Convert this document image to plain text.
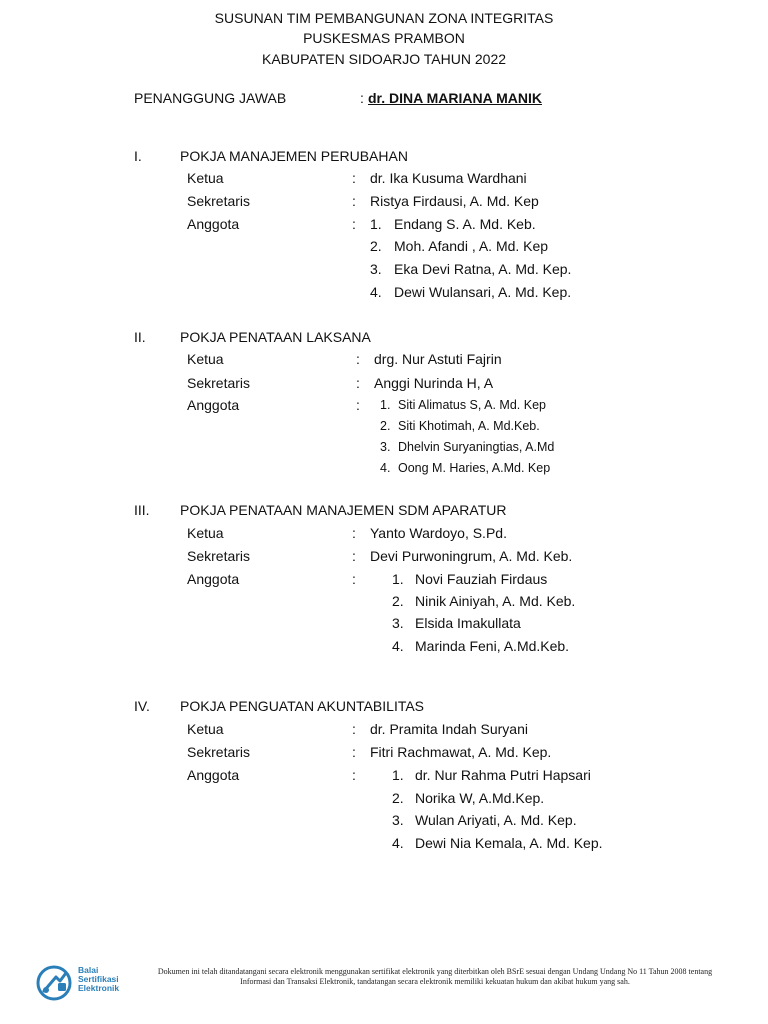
SUSUNAN TIM PEMBANGUNAN ZONA INTEGRITAS
PUSKESMAS PRAMBON
KABUPATEN SIDOARJO TAHUN 2022
PENANGGUNG JAWAB	: dr. DINA MARIANA MANIK
I.	POKJA MANAJEMEN PERUBAHAN
Ketua	: dr. Ika Kusuma Wardhani
Sekretaris	: Ristya Firdausi, A. Md. Kep
Anggota	: 1. Endang S. A. Md. Keb.
2. Moh. Afandi , A. Md. Kep
3. Eka Devi Ratna, A. Md. Kep.
4. Dewi Wulansari, A. Md. Kep.
II. POKJA PENATAAN LAKSANA
Ketua	: drg. Nur Astuti Fajrin
Sekretaris	: Anggi Nurinda H, A
Anggota	: 1. Siti Alimatus S, A. Md. Kep
2. Siti Khotimah, A. Md.Keb.
3. Dhelvin Suryaningtias, A.Md
4. Oong M. Haries, A.Md. Kep
III. POKJA PENATAAN MANAJEMEN SDM APARATUR
Ketua	: Yanto Wardoyo, S.Pd.
Sekretaris	: Devi Purwoningrum, A. Md. Keb.
Anggota	:	1. Novi Fauziah Firdaus
2. Ninik Ainiyah, A. Md. Keb.
3. Elsida Imakullata
4. Marinda Feni, A.Md.Keb.
IV. POKJA PENGUATAN AKUNTABILITAS
Ketua	: dr. Pramita Indah Suryani
Sekretaris	: Fitri Rachmawat, A. Md. Kep.
Anggota	:	1. dr. Nur Rahma Putri Hapsari
2. Norika W, A.Md.Kep.
3. Wulan Ariyati, A. Md. Kep.
4. Dewi Nia Kemala, A. Md. Kep.
Balai
Sertifikasi
Elektronik
Dokumen ini telah ditandatangani secara elektronik menggunakan sertifikat elektronik yang diterbitkan oleh BSrE sesuai dengan Undang Undang No 11 Tahun 2008 tentang Informasi dan Transaksi Elektronik, tandatangan secara elektronik memiliki kekuatan hukum dan akibat hukum yang sah.
